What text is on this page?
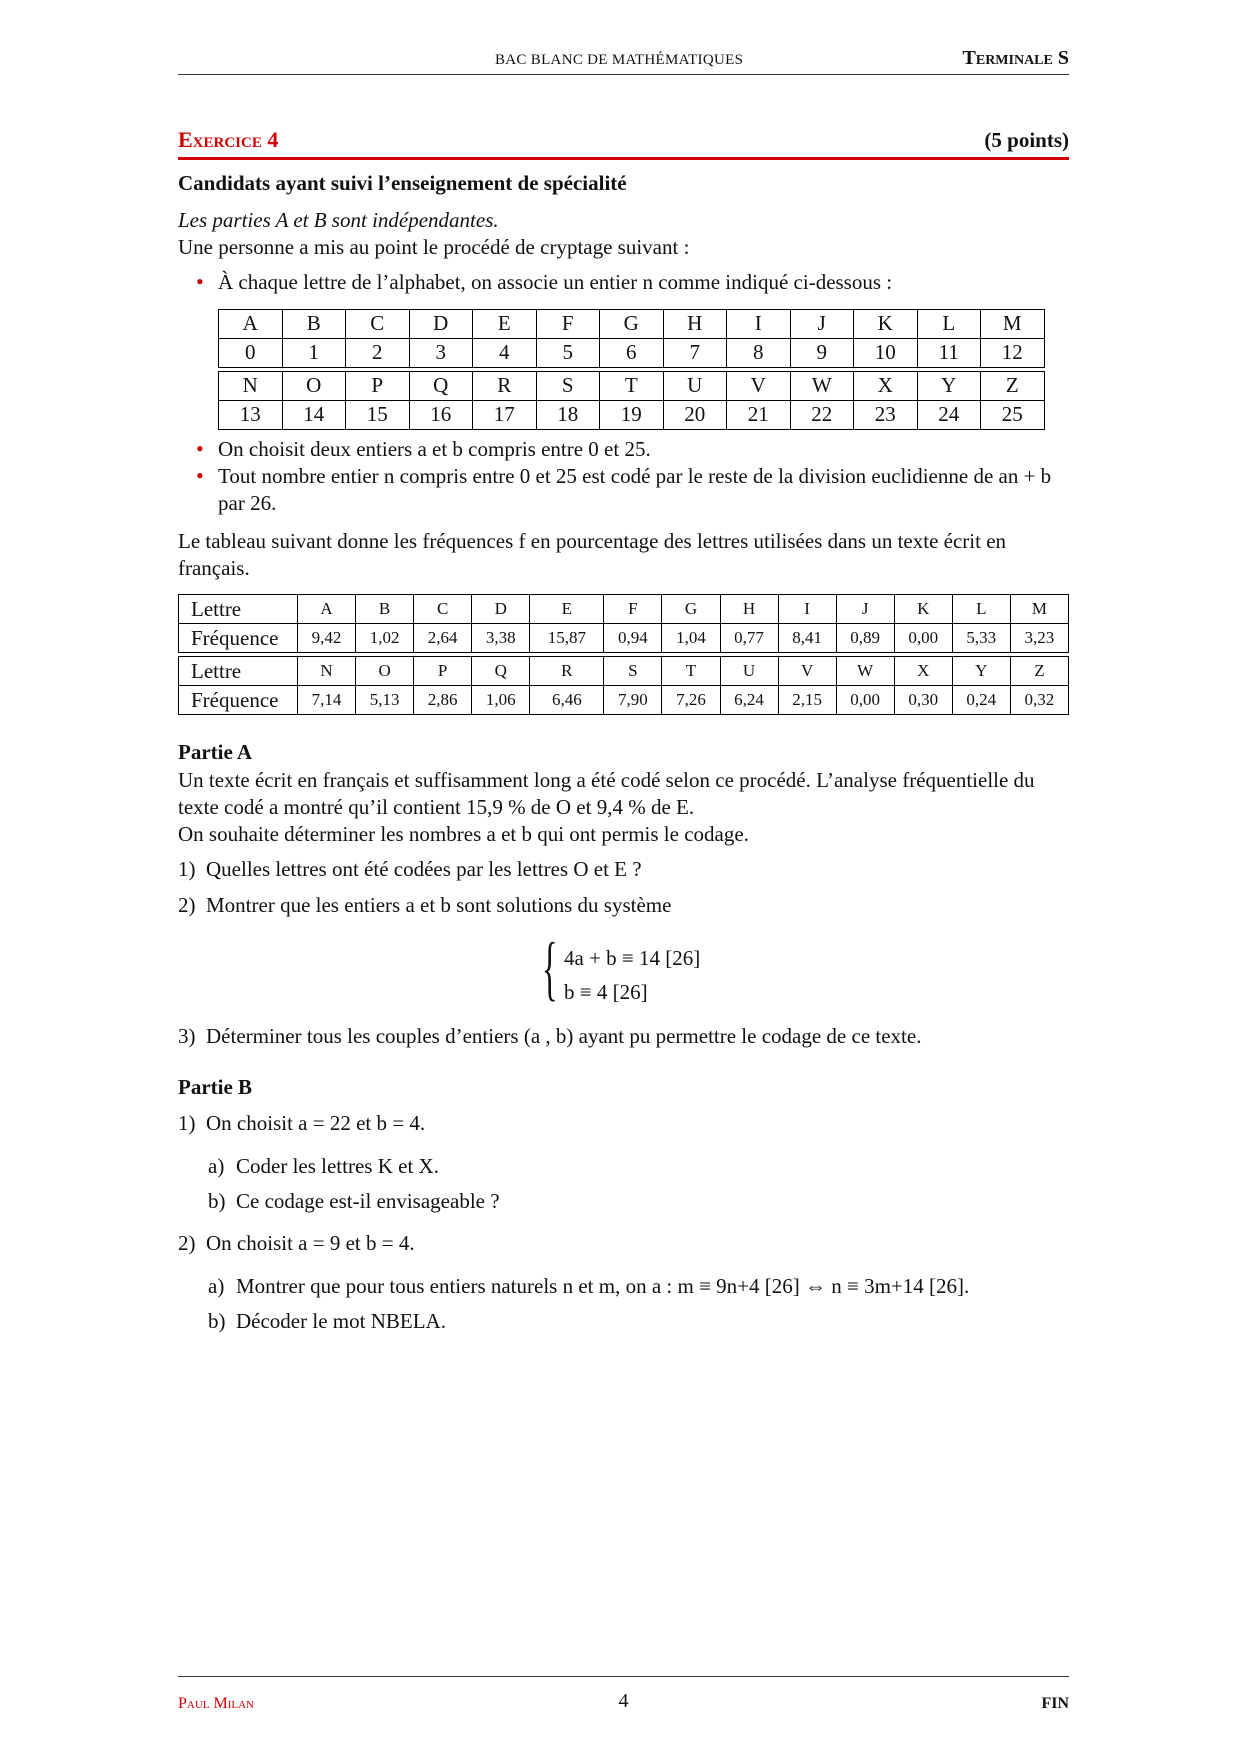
BAC BLANC DE MATHÉMATIQUES	Terminale S
Exercice 4	(5 points)
Candidats ayant suivi l’enseignement de spécialité
Les parties A et B sont indépendantes.
Une personne a mis au point le procédé de cryptage suivant :
• À chaque lettre de l’alphabet, on associe un entier n comme indiqué ci-dessous :
A	B	C	D	E	F	G	H	I	J	K	L	M
0	1	2	3	4	5	6	7	8	9	10	11	12

N	O	P	Q	R	S	T	U	V	W	X	Y	Z
13	14	15	16	17	18	19	20	21	22	23	24	25
• On choisit deux entiers a et b compris entre 0 et 25.
• Tout nombre entier n compris entre 0 et 25 est codé par le reste de la division euclidienne de an + b par 26.
Le tableau suivant donne les fréquences f en pourcentage des lettres utilisées dans un texte écrit en français.
Lettre	A	B	C	D	E	F	G	H	I	J	K	L	M
Fréquence	9,42	1,02	2,64	3,38	15,87	0,94	1,04	0,77	8,41	0,89	0,00	5,33	3,23

Lettre	N	O	P	Q	R	S	T	U	V	W	X	Y	Z
Fréquence	7,14	5,13	2,86	1,06	6,46	7,90	7,26	6,24	2,15	0,00	0,30	0,24	0,32
Partie A
Un texte écrit en français et suffisamment long a été codé selon ce procédé. L’analyse fréquentielle du texte codé a montré qu’il contient 15,9 % de O et 9,4 % de E.
On souhaite déterminer les nombres a et b qui ont permis le codage.
1) Quelles lettres ont été codées par les lettres O et E ?
2) Montrer que les entiers a et b sont solutions du système
{ 4a + b ≡ 14 [26]
b ≡ 4 [26]
3) Déterminer tous les couples d’entiers (a , b) ayant pu permettre le codage de ce texte.
Partie B
1) On choisit a = 22 et b = 4.
a) Coder les lettres K et X.
b) Ce codage est-il envisageable ?
2) On choisit a = 9 et b = 4.
a) Montrer que pour tous entiers naturels n et m, on a : m ≡ 9n+4 [26] ⇔ n ≡ 3m+14 [26].
b) Décoder le mot NBELA.
Paul Milan	4	FIN
